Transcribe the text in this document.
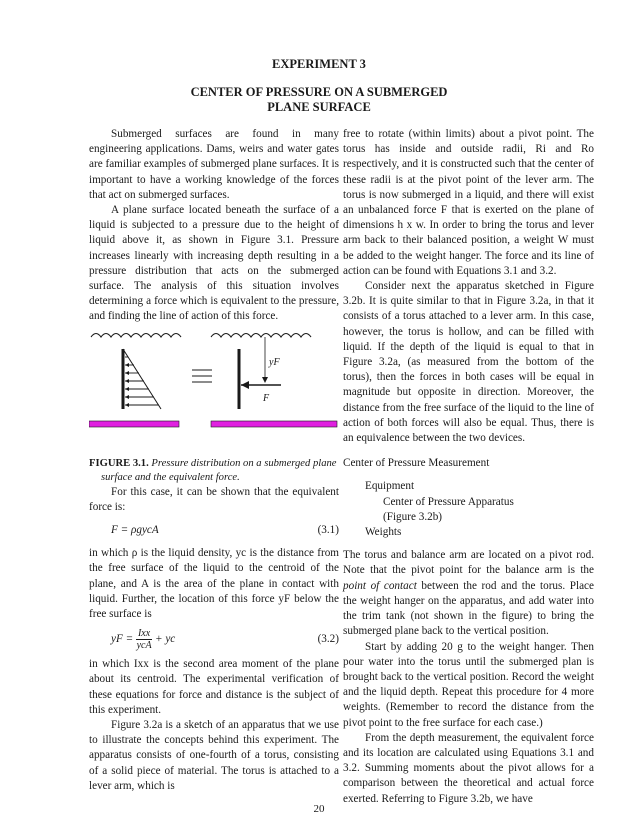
EXPERIMENT 3
CENTER OF PRESSURE ON A SUBMERGED
PLANE SURFACE

Submerged surfaces are found in many engineering applications. Dams, weirs and water gates are familiar examples of submerged plane surfaces. It is important to have a working knowledge of the forces that act on submerged surfaces.

A plane surface located beneath the surface of a liquid is subjected to a pressure due to the height of liquid above it, as shown in Figure 3.1. Pressure increases linearly with increasing depth resulting in a pressure distribution that acts on the submerged surface. The analysis of this situation involves determining a force which is equivalent to the pressure, and finding the line of action of this force.

yF
F

FIGURE 3.1. Pressure distribution on a submerged plane surface and the equivalent force.

For this case, it can be shown that the equivalent force is:

F = ρgycA	(3.1)

in which ρ is the liquid density, yc is the distance from the free surface of the liquid to the centroid of the plane, and A is the area of the plane in contact with liquid. Further, the location of this force yF below the free surface is

yF = $\frac{\text{Ixx}}{\text{ycA}}$ + yc	(3.2)

in which Ixx is the second area moment of the plane about its centroid. The experimental verification of these equations for force and distance is the subject of this experiment.

Figure 3.2a is a sketch of an apparatus that we use to illustrate the concepts behind this experiment. The apparatus consists of one-fourth of a torus, consisting of a solid piece of material. The torus is attached to a lever arm, which is

free to rotate (within limits) about a pivot point. The torus has inside and outside radii, Ri and Ro respectively, and it is constructed such that the center of these radii is at the pivot point of the lever arm. The torus is now submerged in a liquid, and there will exist an unbalanced force F that is exerted on the plane of dimensions h x w. In order to bring the torus and lever arm back to their balanced position, a weight W must be added to the weight hanger. The force and its line of action can be found with Equations 3.1 and 3.2.

Consider next the apparatus sketched in Figure 3.2b. It is quite similar to that in Figure 3.2a, in that it consists of a torus attached to a lever arm. In this case, however, the torus is hollow, and can be filled with liquid. If the depth of the liquid is equal to that in Figure 3.2a, (as measured from the bottom of the torus), then the forces in both cases will be equal in magnitude but opposite in direction. Moreover, the distance from the free surface of the liquid to the line of action of both forces will also be equal. Thus, there is an equivalence between the two devices.

Center of Pressure Measurement

Equipment
Center of Pressure Apparatus
(Figure 3.2b)
Weights

The torus and balance arm are located on a pivot rod. Note that the pivot point for the balance arm is the point of contact between the rod and the torus. Place the weight hanger on the apparatus, and add water into the trim tank (not shown in the figure) to bring the submerged plane back to the vertical position.

Start by adding 20 g to the weight hanger. Then pour water into the torus until the submerged plan is brought back to the vertical position. Record the weight and the liquid depth. Repeat this procedure for 4 more weights. (Remember to record the distance from the pivot point to the free surface for each case.)

From the depth measurement, the equivalent force and its location are calculated using Equations 3.1 and 3.2. Summing moments about the pivot allows for a comparison between the theoretical and actual force exerted. Referring to Figure 3.2b, we have

20
